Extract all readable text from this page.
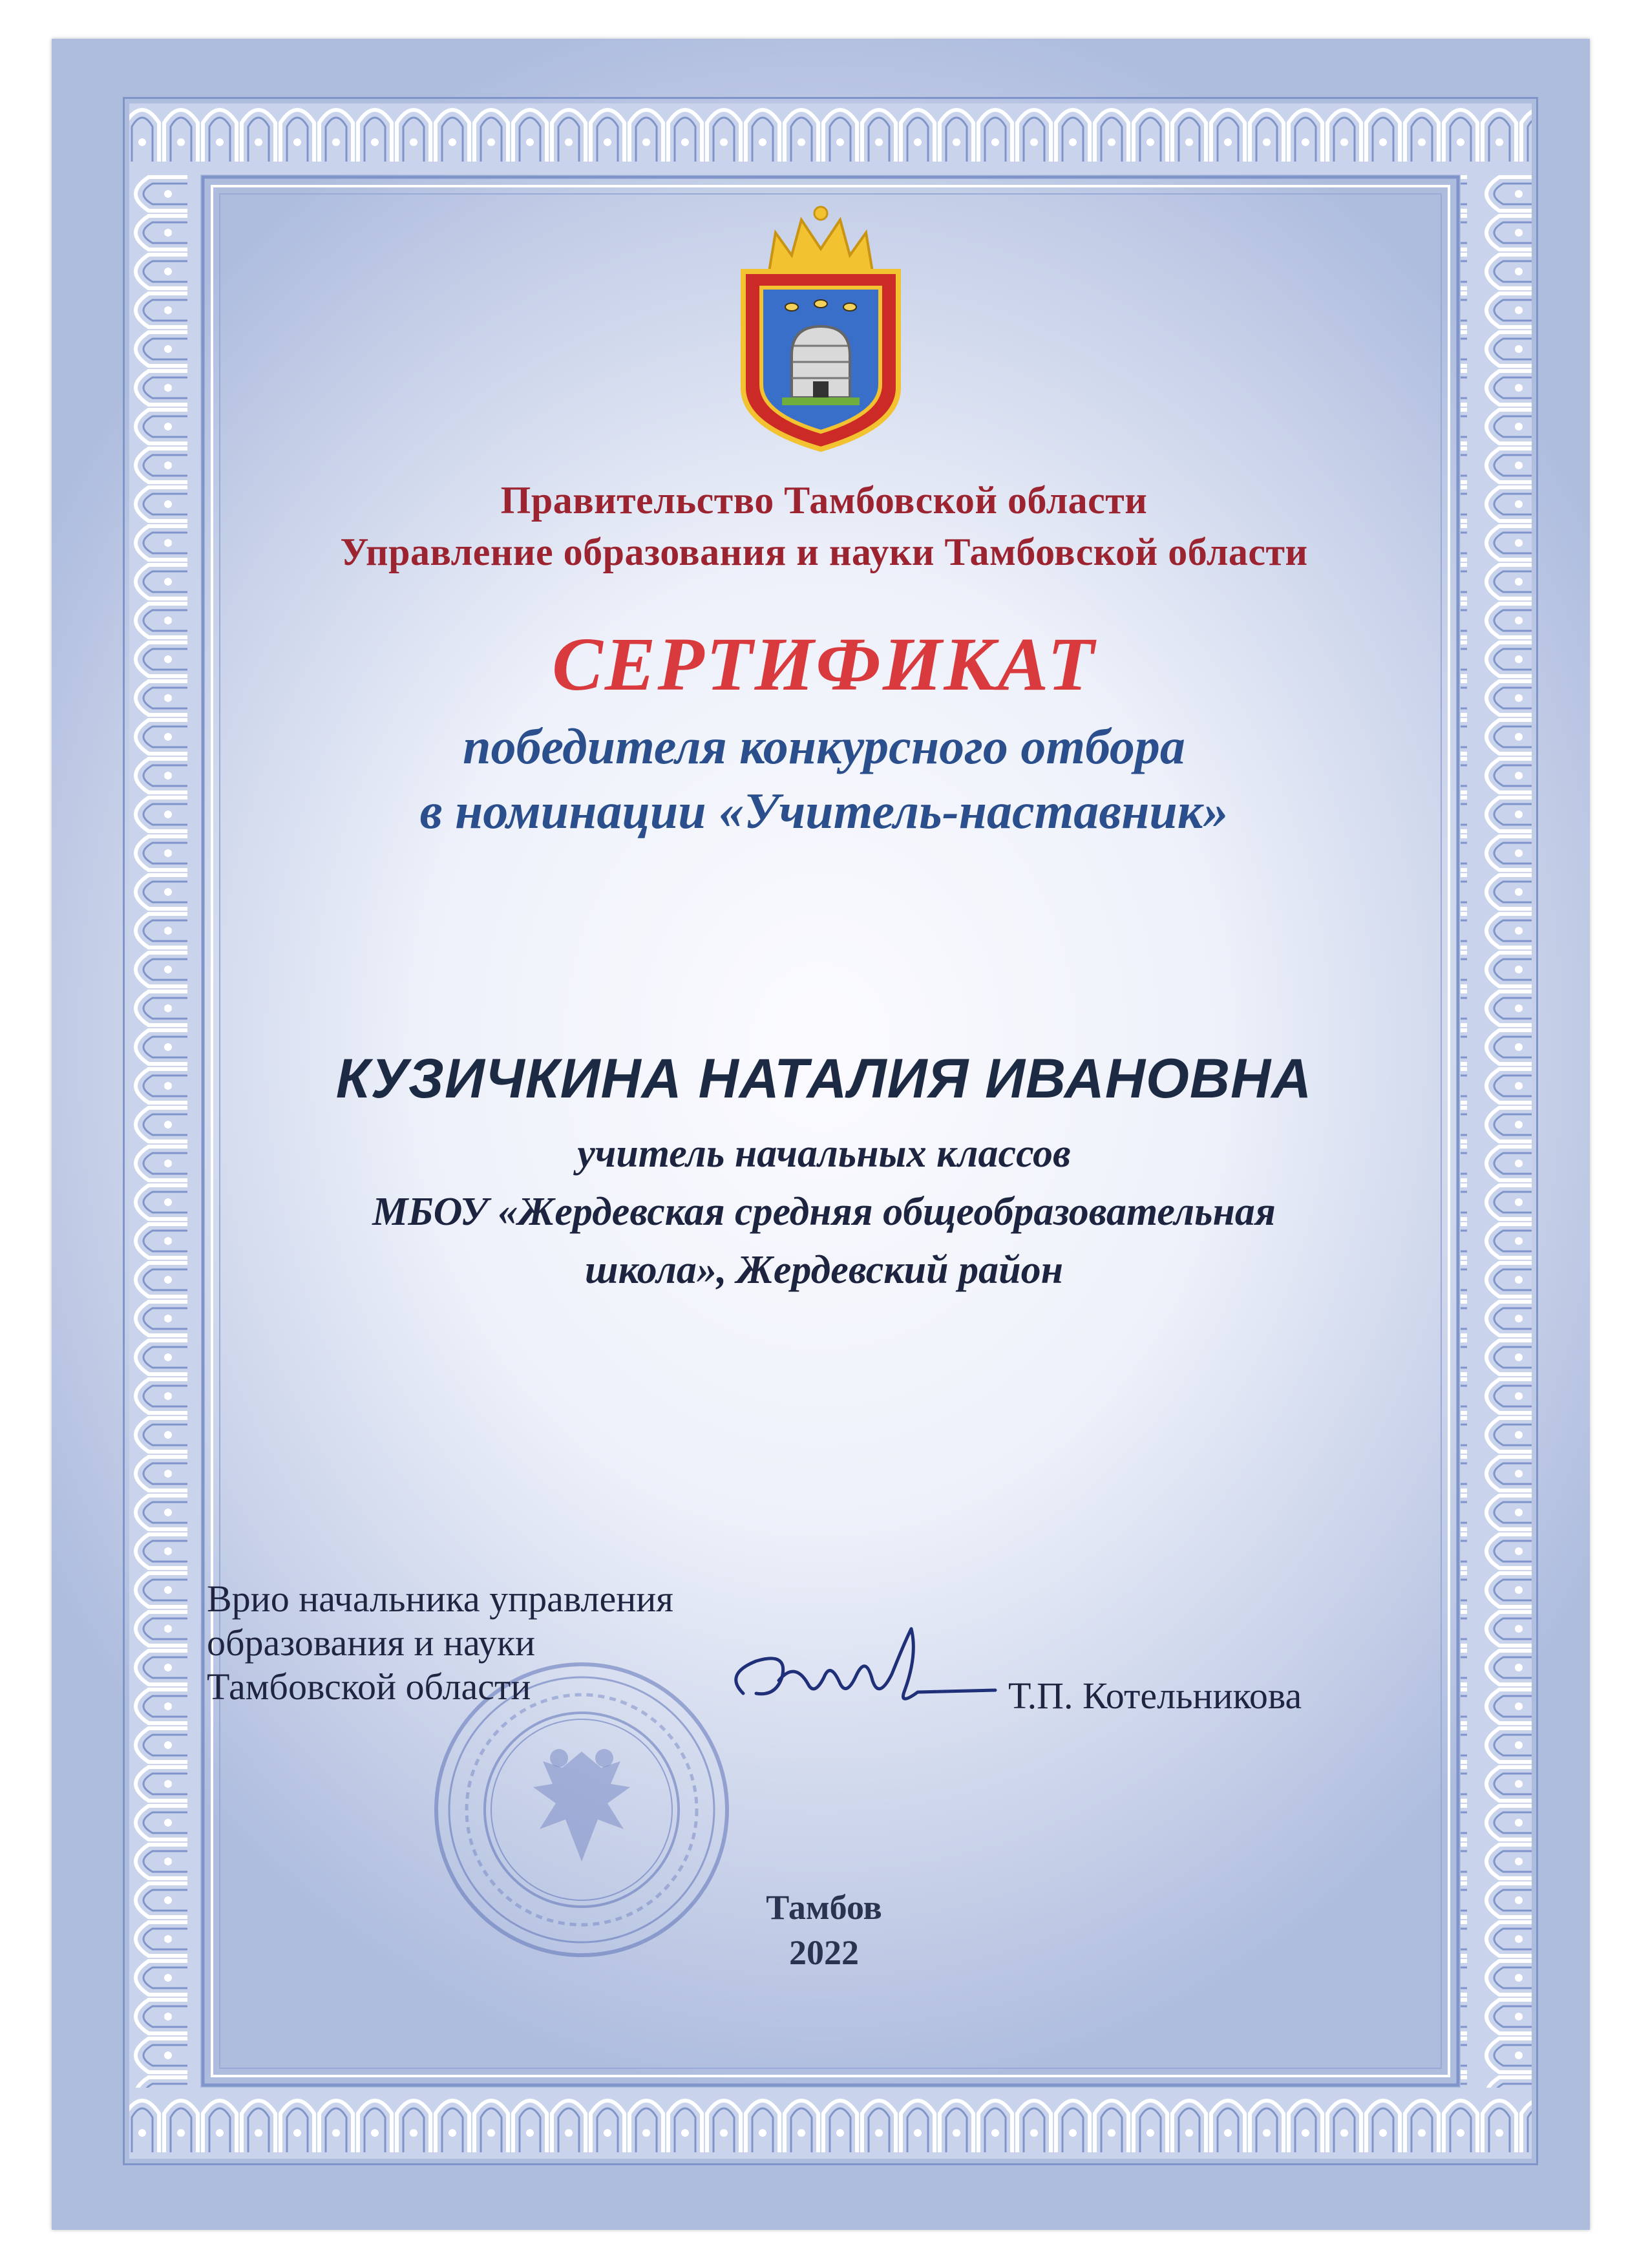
Правительство Тамбовской области
Управление образования и науки Тамбовской области
СЕРТИФИКАТ
победителя конкурсного отбора
в номинации «Учитель-наставник»
КУЗИЧКИНА НАТАЛИЯ ИВАНОВНА
учитель начальных классов
МБОУ «Жердевская средняя общеобразовательная
школа», Жердевский район
Врио начальника управления
образования и науки
Тамбовской области	Т.П. Котельникова
Тамбов
2022
